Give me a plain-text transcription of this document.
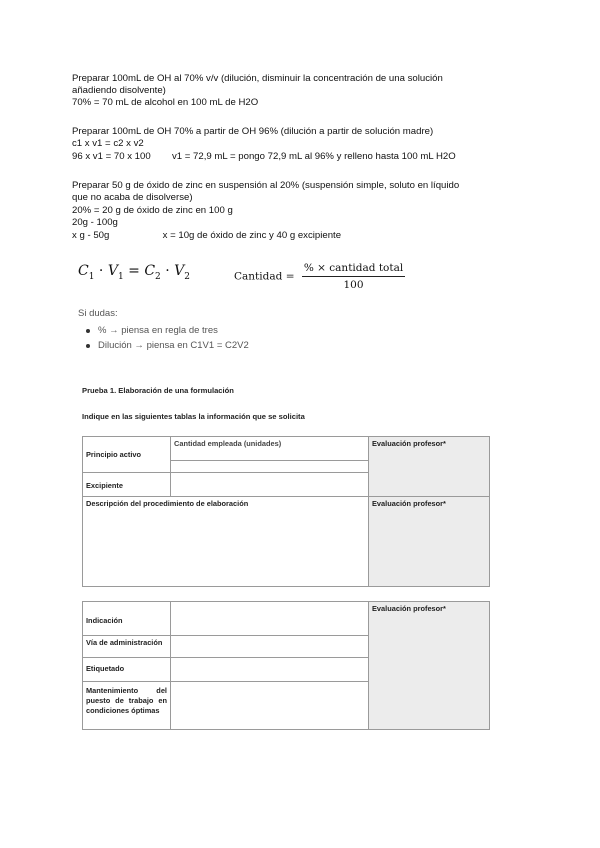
Preparar 100mL de OH al 70% v/v (dilución, disminuir la concentración de una solución
añadiendo disolvente)
70% = 70 mL de alcohol en 100 mL de H2O
Preparar 100mL de OH 70% a partir de OH 96% (dilución a partir de solución madre)
c1 x v1 = c2 x v2
96 x v1 = 70 x 100        v1 = 72,9 mL = pongo 72,9 mL al 96% y relleno hasta 100 mL H2O
Preparar 50 g de óxido de zinc en suspensión al 20% (suspensión simple, soluto en líquido
que no acaba de disolverse)
20% = 20 g de óxido de zinc en 100 g
20g - 100g
x g - 50g                    x = 10g de óxido de zinc y 40 g excipiente
$C_1 \cdot V_1 = C_2 \cdot V_2$	Cantidad = $\frac{\text{\% × cantidad total}}{100}$
Si dudas:
% → piensa en regla de tres
Dilución → piensa en C1V1 = C2V2
Prueba 1. Elaboración de una formulación
Indique en las siguientes tablas la información que se solicita
Principio activo	Cantidad empleada (unidades)	Evaluación profesor*

Excipiente		
Descripción del procedimiento de elaboración		Evaluación profesor*
Indicación		Evaluación profesor*
Vía de administración		
Etiquetado		

Mantenimiento del
puesto de trabajo en
condiciones óptimas		
